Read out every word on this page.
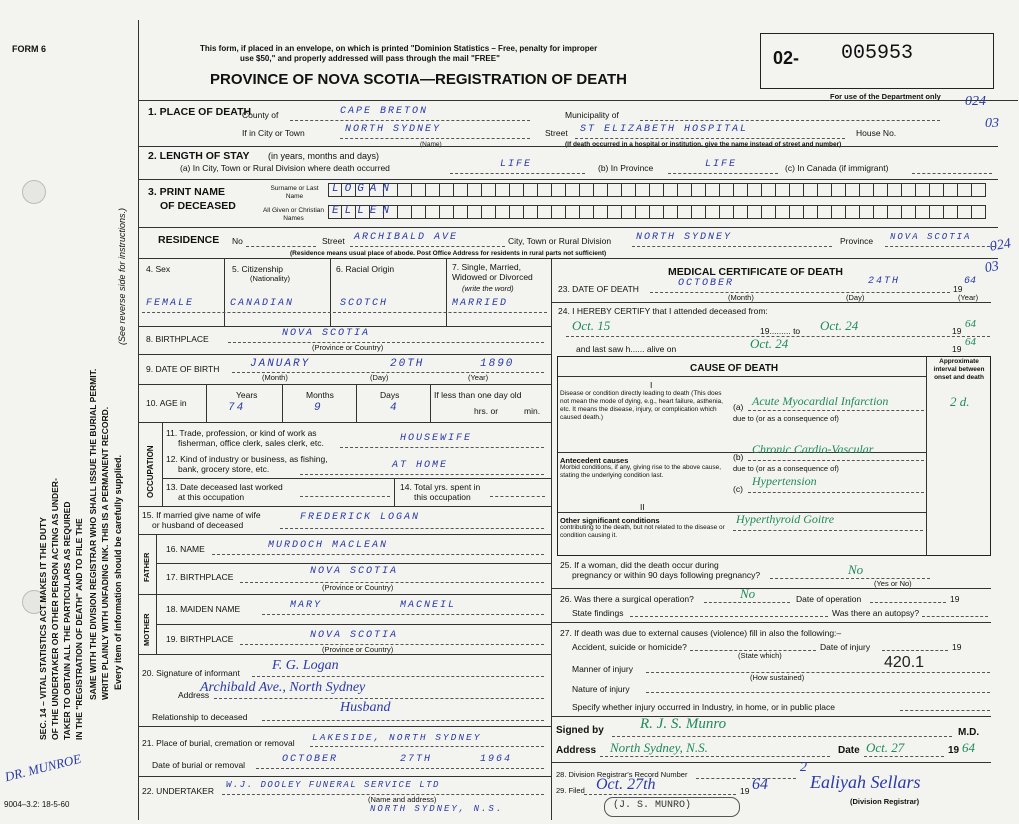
FORM 6
SEC. 14 – VITAL STATISTICS ACT MAKES IT THE DUTY OF THE UNDERTAKER OR OTHER PERSON ACTING AS UNDER- TAKER TO OBTAIN ALL THE PARTICULARS AS REQUIRED IN THE "REGISTRATION OF DEATH" AND TO FILE THE SAME WITH THE DIVISION REGISTRAR WHO SHALL ISSUE THE BURIAL PERMIT. WRITE PLAINLY WITH UNFADING INK. THIS IS A PERMANENT RECORD. Every item of information should be carefully supplied.
(See reverse side for instructions.)
DR. MUNROE
9004–3.2: 18-5-60
This form, if placed in an envelope, on which is printed "Dominion Statistics – Free, penalty for improper
use $50," and properly addressed will pass through the mail "FREE"
PROVINCE OF NOVA SCOTIA—REGISTRATION OF DEATH
02- 005953
For use of the Department only 024
03
024
03
1. PLACE OF DEATH
County of	CAPE BRETON	Municipality of
If in City or Town	NORTH SYDNEY
(Name)
Street ST ELIZABETH HOSPITAL	House No.
(If death occurred in a hospital or institution, give the name instead of street and number)
2. LENGTH OF STAY (in years, months and days)
(a) In City, Town or Rural Division where death occurred	LIFE	(b) In Province	LIFE	(c) In Canada (if immigrant)
3. PRINT NAME
OF DECEASED
Surname or Last Name
All Given or Christian Names
LOGAN
ELLEN
RESIDENCE No	Street ARCHIBALD AVE	City, Town or Rural Division NORTH SYDNEY	Province NOVA SCOTIA
(Residence means usual place of abode. Post Office Address for residents in rural parts not sufficient)
4. Sex	5. Citizenship
(Nationality)
6. Racial Origin	7. Single, Married, Widowed or Divorced
(write the word)
FEMALE	CANADIAN	SCOTCH	MARRIED
8. BIRTHPLACE	NOVA SCOTIA
(Province or Country)
9. DATE OF BIRTH	JANUARY	20TH	1890
(Month)	(Day)	(Year)
10. AGE in
Years	Months	Days
74	9	4
If less than one day old
hrs. or	min.
OCCUPATION
11. Trade, profession, or kind of work as
fisherman, office clerk, sales clerk, etc.	HOUSEWIFE
12. Kind of industry or business, as fishing,
bank, grocery store, etc.	AT HOME
13. Date deceased last worked
at this occupation
14. Total yrs. spent in
this occupation
15. If married give name of wife
or husband of deceased
FREDERICK LOGAN
FATHER
16. NAME	MURDOCH MACLEAN
17. BIRTHPLACE	NOVA SCOTIA
(Province or Country)
MOTHER
18. MAIDEN NAME	MARY	MACNEIL
19. BIRTHPLACE	NOVA SCOTIA
(Province or Country)
20. Signature of informant F. G. Logan
Address
Archibald Ave., North Sydney
Relationship to deceased
Husband
21. Place of burial, cremation or removal LAKESIDE, NORTH SYDNEY
Date of burial or removal	OCTOBER	27TH	1964
22. UNDERTAKER
W.J. DOOLEY FUNERAL SERVICE LTD
(Name and address)
NORTH SYDNEY, N.S.
MEDICAL CERTIFICATE OF DEATH
23. DATE OF DEATH	OCTOBER	24TH
19
64
(Month)	(Day)	(Year)
24. I HEREBY CERTIFY that I attended deceased from:
Oct. 15	19......... to Oct. 24	19
64
and last saw h...... alive on	Oct. 24	19
64
CAUSE OF DEATH
Approximate interval between onset and death
I
Disease or condition directly leading to death (This does not mean the mode of dying, e.g., heart failure, asthenia, etc. It means the disease, injury, or complication which caused death.)
(a) Acute Myocardial Infarction	2 d.
due to (or as a consequence of)
Antecedent causes
Morbid conditions, if any, giving rise to the above cause, stating the underlying condition last.
(b)
Chronic Cardio-Vascular
due to (or as a consequence of)
(c)
Hypertension
II
Other significant conditions
contributing to the death, but not related to the disease or condition causing it.
Hyperthyroid Goitre
25. If a woman, did the death occur during
pregnancy or within 90 days following pregnancy?	No
(Yes or No)
26. Was there a surgical operation?	No	Date of operation	19
State findings	Was there an autopsy?
27. If death was due to external causes (violence) fill in also the following:–
Accident, suicide or homicide?	Date of injury	19
(State which)
Manner of injury	420.1
(How sustained)
Nature of injury
Specify whether injury occurred in Industry, in home, or in public place
Signed by R. J. S. Munro
M.D.
Address North Sydney, N.S.	Date Oct. 27	19 64
28. Division Registrar's Record Number	2
29. Filed Oct. 27th	19 64 Ealiyah Sellars
(Division Registrar)
(J. S. MUNRO)
